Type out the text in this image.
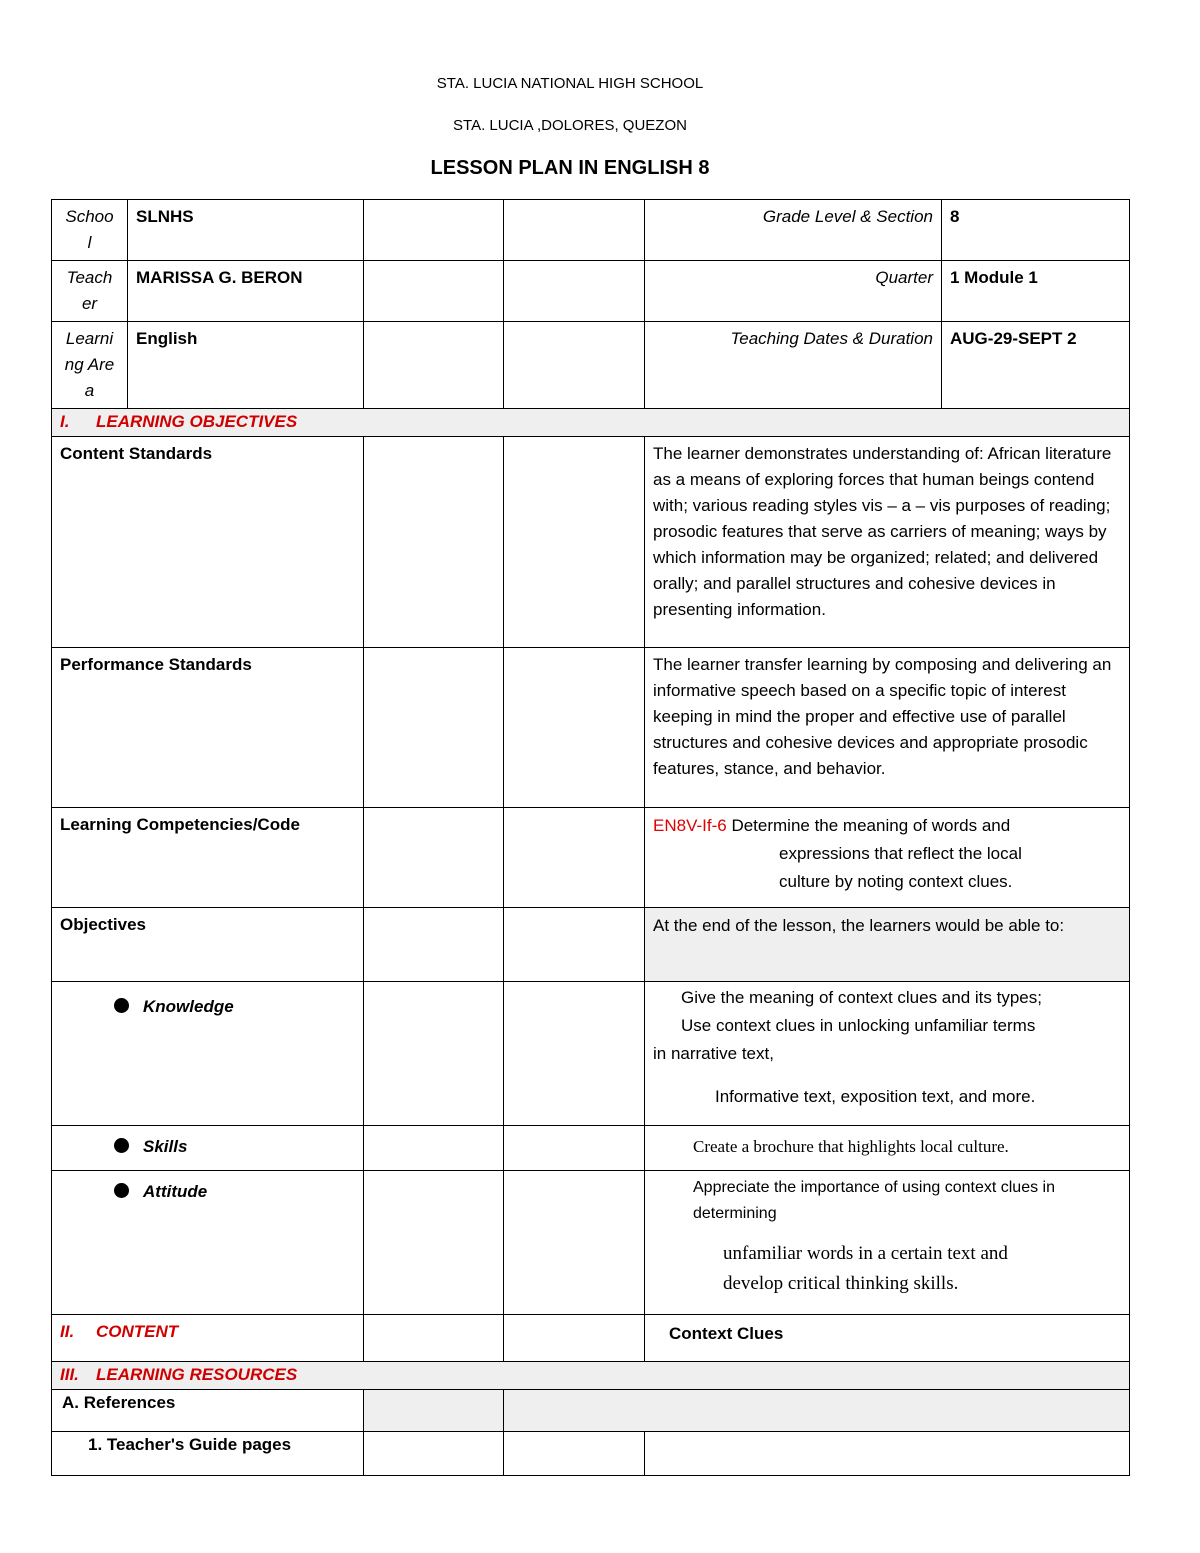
STA. LUCIA NATIONAL HIGH SCHOOL
STA. LUCIA ,DOLORES, QUEZON
LESSON PLAN IN ENGLISH 8
School	SLNHS			Grade Level & Section	8

Teacher	MARISSA G. BERON			Quarter	1 Module 1

Learning Area	English			Teaching Dates & Duration	AUG-29-SEPT 2
I. LEARNING OBJECTIVES					
Content Standards				The learner demonstrates understanding of: African literature as a means of exploring forces that human beings contend with; various reading styles vis – a – vis purposes of reading; prosodic features that serve as carriers of meaning; ways by which information may be organized; related; and delivered orally; and parallel structures and cohesive devices in presenting information.	
Performance Standards				The learner transfer learning by composing and delivering an informative speech based on a specific topic of interest keeping in mind the proper and effective use of parallel structures and cohesive devices and appropriate prosodic features, stance, and behavior.	
Learning Competencies/Code				EN8V-If-6 Determine the meaning of words and
expressions that reflect the local
culture by noting context clues.	

Objectives				At the end of the lesson, the learners would be able to:	
Knowledge				Give the meaning of context clues and its types;
Use context clues in unlocking unfamiliar terms
in narrative text,
Informative text, exposition text, and more.	

Skills				Create a brochure that highlights local culture.	
Attitude				Appreciate the importance of using context clues in determining
unfamiliar words in a certain text and
develop critical thinking skills.	

II. CONTENT				Context Clues	
III. LEARNING RESOURCES					
A. References					
1. Teacher's Guide pages					
